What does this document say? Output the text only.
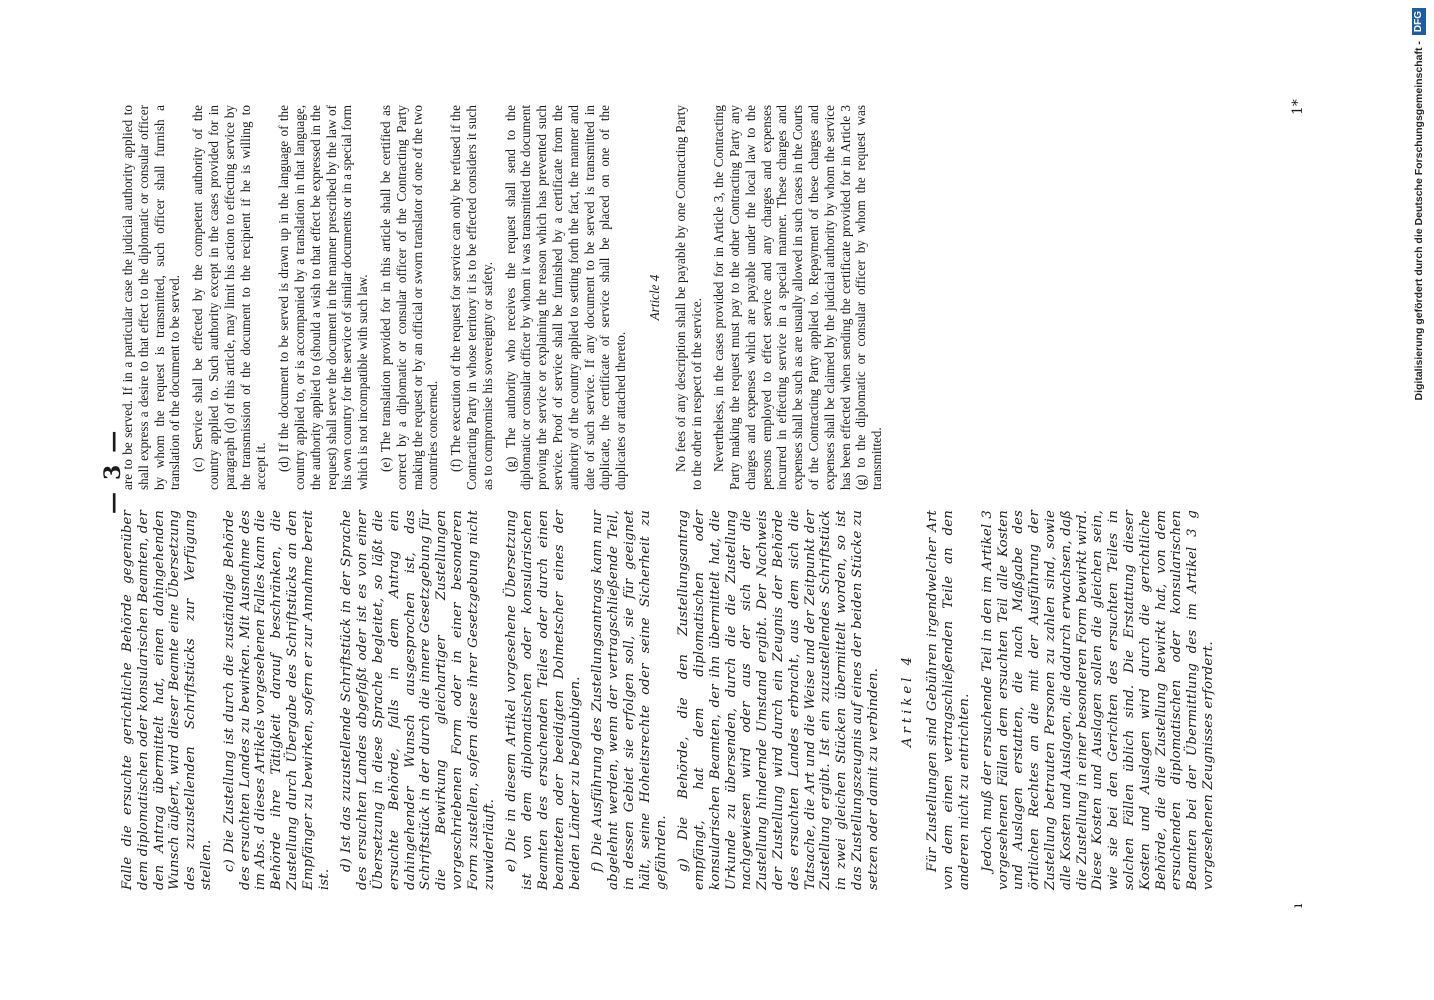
—3—

Falle die ersuchte gerichtliche Behörde gegenüber dem diplomatischen oder konsularischen Beamten, der den Antrag übermittelt hat, einen dahingehenden Wunsch äußert, wird dieser Beamte eine Übersetzung des zuzustellenden Schriftstücks zur Verfügung stellen. c) Die Zustellung ist durch die zuständige Behörde des ersuchten Landes zu bewirken. Mit Ausnahme des im Abs. d dieses Artikels vorgesehenen Falles kann die Behörde ihre Tätigkeit darauf beschränken, die Zustellung durch Übergabe des Schriftstücks an den Empfänger zu bewirken, sofern er zur Annahme bereit ist.

d) Ist das zuzustellende Schriftstück in der Sprache des ersuchten Landes abgefaßt oder ist es von einer Übersetzung in diese Sprache begleitet, so läßt die ersuchte Behörde, falls in dem Antrag ein dahingehender Wunsch ausgesprochen ist, das Schriftstück in der durch die innere Gesetzgebung für die Bewirkung gleichartiger Zustellungen vorgeschriebenen Form oder in einer besonderen Form zustellen, sofern diese ihrer Gesetzgebung nicht zuwiderläuft. e) Die in diesem Artikel vorgesehene Übersetzung ist von dem diplomatischen oder konsularischen Beamten des ersuchenden Teiles oder durch einen beamteten oder beeidigten Dolmetscher eines der beiden Länder zu beglaubigen. f) Die Ausführung des Zustellungsantrags kann nur abgelehnt werden, wenn der vertragschließende Teil, in dessen Gebiet sie erfolgen soll, sie für geeignet hält, seine Hoheitsrechte oder seine Sicherheit zu gefährden. g) Die Behörde, die den Zustellungsantrag empfängt, hat dem diplomatischen oder konsularischen Beamten, der ihn übermittelt hat, die Urkunde zu übersenden, durch die die Zustellung nachgewiesen wird oder aus der sich der die Zustellung hindernde Umstand ergibt. Der Nachweis der Zustellung wird durch ein Zeugnis der Behörde des ersuchten Landes erbracht, aus dem sich die Tatsache, die Art und die Weise und der Zeitpunkt der Zustellung ergibt. Ist ein zuzustellendes Schriftstück in zwei gleichen Stücken übermittelt worden, so ist das Zustellungszeugnis auf eines der beiden Stücke zu setzen oder damit zu verbinden. Artikel 4 Für Zustellungen sind Gebühren irgendwelcher Art von dem einen vertragschließenden Teile an den anderen nicht zu entrichten. Jedoch muß der ersuchende Teil in den im Artikel 3 vorgesehenen Fällen dem ersuchten Teil alle Kosten und Auslagen erstatten, die nach Maßgabe des örtlichen Rechtes an die mit der Ausführung der Zustellung betrauten Personen zu zahlen sind, sowie alle Kosten und Auslagen, die dadurch erwachsen, daß die Zustellung in einer besonderen Form bewirkt wird. Diese Kosten und Auslagen sollen die gleichen sein, wie sie bei den Gerichten des ersuchten Teiles in solchen Fällen üblich sind. Die Erstattung dieser Kosten und Auslagen wird durch die gerichtliche Behörde, die die Zustellung bewirkt hat, von dem ersuchenden diplomatischen oder konsularischen Beamten bei der Übermittlung des im Artikel 3 g vorgesehenen Zeugnisses erfordert.

are to be served. If in a particular case the judicial authority applied to shall express a desire to that effect to the diplomatic or consular officer by whom the request is transmitted, such officer shall furnish a translation of the document to be served. (c) Service shall be effected by the competent authority of the country applied to. Such authority except in the cases provided for in paragraph (d) of this article, may limit his action to effecting service by the transmission of the document to the recipient if he is willing to accept it. (d) If the document to be served is drawn up in the language of the country applied to, or is accompanied by a translation in that language, the authority applied to (should a wish to that effect be expressed in the request) shall serve the document in the manner prescribed by the law of his own country for the service of similar documents or in a special form which is not incompatible with such law. (e) The translation provided for in this article shall be certified as correct by a diplomatic or consular officer of the Contracting Party making the request or by an official or sworn translator of one of the two countries concerned. (f) The execution of the request for service can only be refused if the Contracting Party in whose territory it is to be effected considers it such as to compromise his sovereignty or safety. (g) The authority who receives the request shall send to the diplomatic or consular officer by whom it was transmitted the document proving the service or explaining the reason which has prevented such service. Proof of service shall be furnished by a certificate from the authority of the country applied to setting forth the fact, the manner and date of such service. If any document to be served is transmitted in duplicate, the certificate of service shall be placed on one of the duplicates or attached thereto.

Article 4 No fees of any description shall be payable by one Contracting Party to the other in respect of the service. Nevertheless, in the cases provided for in Article 3, the Contracting Party making the request must pay to the other Contracting Party any charges and expenses which are payable under the local law to the persons employed to effect service and any charges and expenses incurred in effecting service in a special manner. These charges and expenses shall be such as are usually allowed in such cases in the Courts of the Contracting Party applied to. Repayment of these charges and expenses shall be claimed by the judicial authority by whom the service has been effected when sending the certificate provided for in Article 3 (g) to the diplomatic or consular officer by whom the request was transmitted.

ı
1*	Digitalisierung gefördert durch die Deutsche Forschungsgemeinschaft -
DFG
